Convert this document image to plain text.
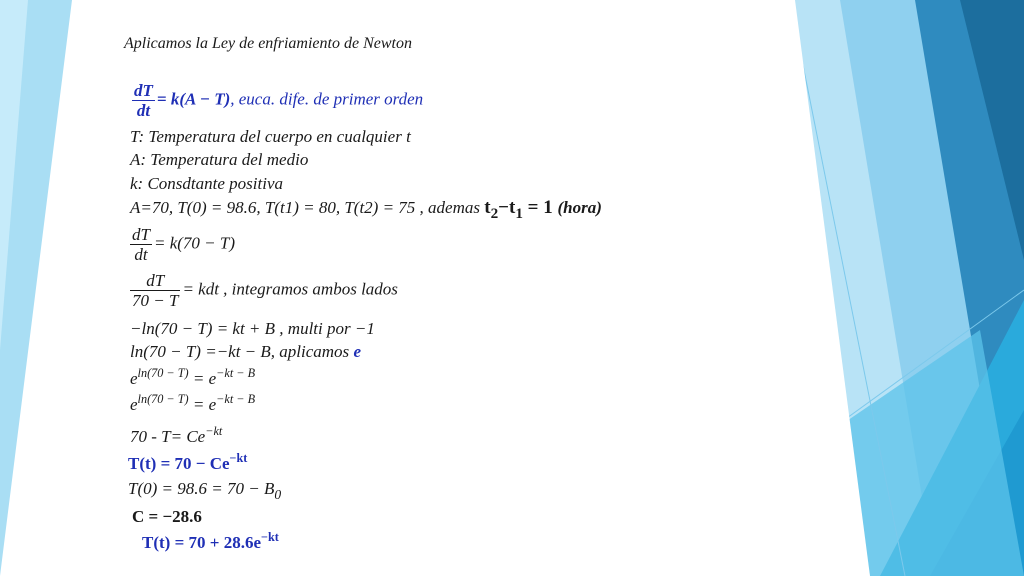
Aplicamos la Ley de enfriamiento de Newton
$\frac{dT}{dt} = k(A - T)$, euca. dife. de primer orden
T: Temperatura del cuerpo en cualquier t
A: Temperatura del medio
k: Consdtante positiva
A=70, T(0) = 98.6, T(t1) = 80, T(t2) = 75 , ademas $t_2-t_1 = 1$ (hora)
$\frac{dT}{dt} = k(70 - T)$
$\frac{dT}{70 - T}$ = kdt , integramos ambos lados
−ln(70 − T) = kt + B , multi por −1
ln(70 − T) =−kt − B, aplicamos e
$e^{ln(70 - T)} = e^{-kt - B}$
$e^{ln(70 - T)} = e^{-kt - B}$
$70 - T= Ce^{-kt}$
$T(t) = 70 - Ce^{-kt}$
$T(0) = 98.6 = 70 - B_0$
C = −28.6
$T(t) = 70 + 28.6e^{-kt}$
